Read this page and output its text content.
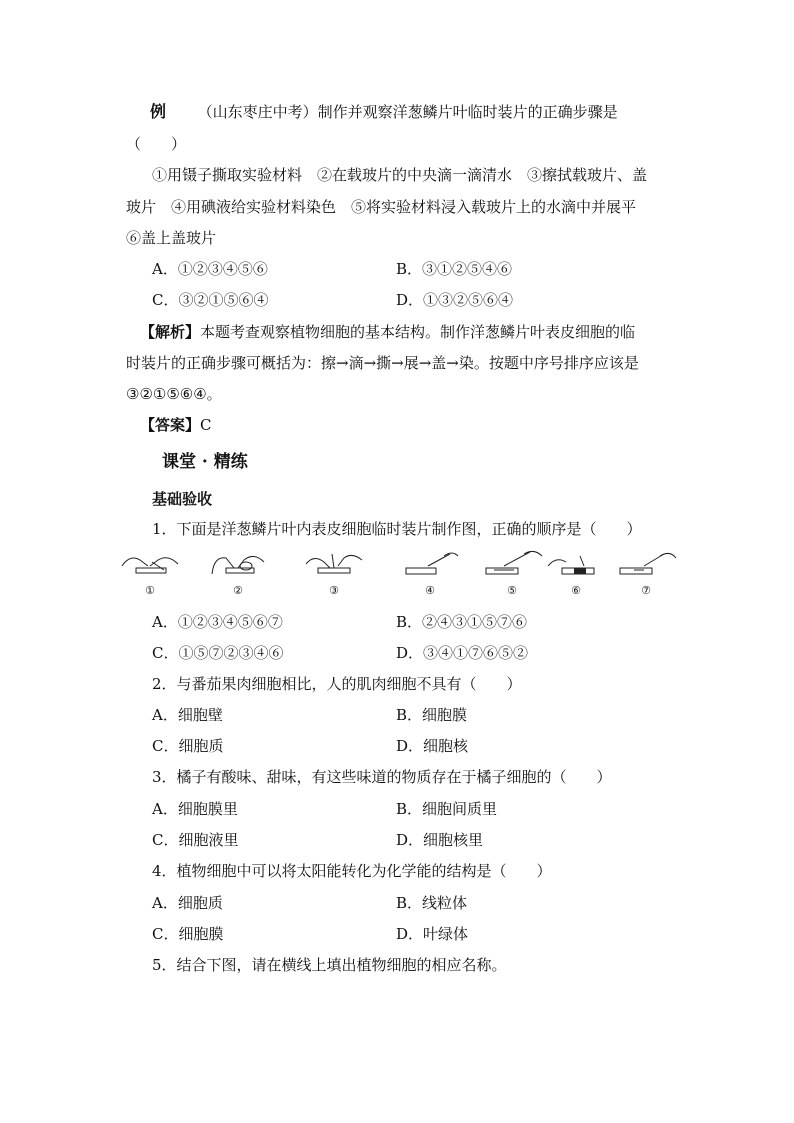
例 （山东枣庄中考）制作并观察洋葱鳞片叶临时装片的正确步骤是
（　　）
①用镊子撕取实验材料　②在载玻片的中央滴一滴清水　③擦拭载玻片、盖
玻片　④用碘液给实验材料染色　⑤将实验材料浸入载玻片上的水滴中并展平
⑥盖上盖玻片
A．①②③④⑤⑥	B．③①②⑤④⑥
C．③②①⑤⑥④	D．①③②⑤⑥④
【解析】本题考查观察植物细胞的基本结构。制作洋葱鳞片叶表皮细胞的临
时装片的正确步骤可概括为：擦→滴→撕→展→盖→染。按题中序号排序应该是
③②①⑤⑥④。
【答案】C
课堂 · 精练
基础验收
1．下面是洋葱鳞片叶内表皮细胞临时装片制作图，正确的顺序是（　　）
①	②	③	④	⑤	⑥	⑦
A．①②③④⑤⑥⑦	B．②④③①⑤⑦⑥
C．①⑤⑦②③④⑥	D．③④①⑦⑥⑤②
2．与番茄果肉细胞相比，人的肌肉细胞不具有（　　）
A．细胞壁	B．细胞膜
C．细胞质	D．细胞核
3．橘子有酸味、甜味，有这些味道的物质存在于橘子细胞的（　　）
A．细胞膜里	B．细胞间质里
C．细胞液里	D．细胞核里
4．植物细胞中可以将太阳能转化为化学能的结构是（　　）
A．细胞质	B．线粒体
C．细胞膜	D．叶绿体
5．结合下图，请在横线上填出植物细胞的相应名称。
